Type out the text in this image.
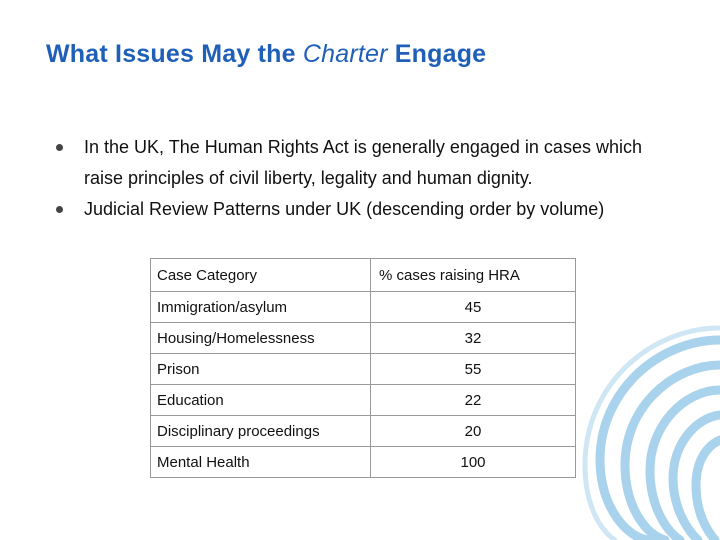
What Issues May the Charter Engage
In the UK, The Human Rights Act is generally engaged in cases which raise principles of civil liberty, legality and human dignity.
Judicial Review Patterns under UK (descending order by volume)
Case Category	% cases raising HRA
Immigration/asylum	45
Housing/Homelessness	32
Prison	55
Education	22
Disciplinary proceedings	20
Mental Health	100
